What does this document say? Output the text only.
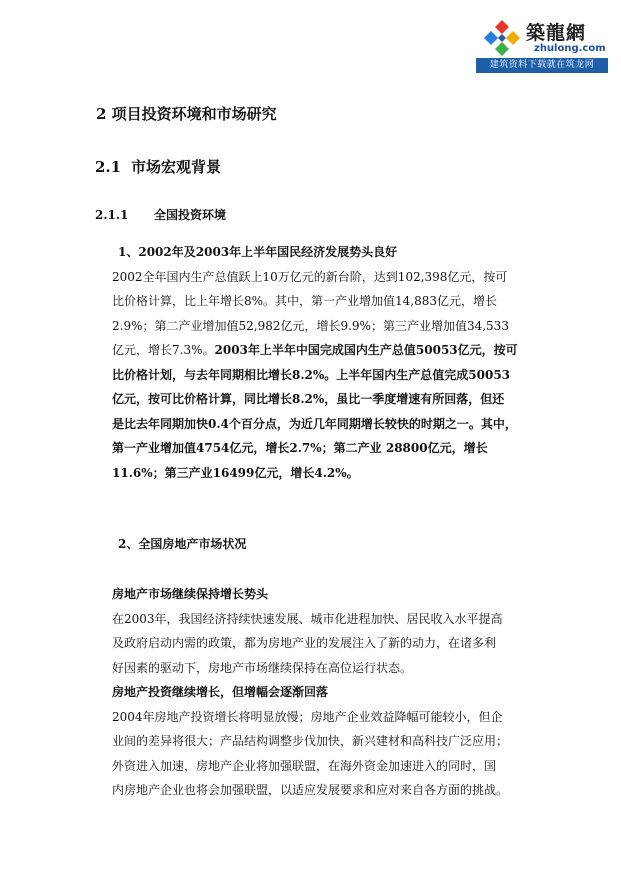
築龍網
zhulong.com
建筑资料下载就在筑龙网
2 项目投资环境和市场研究
2.1 市场宏观背景
2.1.1 全国投资环境
1、2002年及2003年上半年国民经济发展势头良好
2002全年国内生产总值跃上10万亿元的新台阶，达到102,398亿元，按可
比价格计算，比上年增长8%。其中，第一产业增加值14,883亿元，增长
2.9%；第二产业增加值52,982亿元，增长9.9%；第三产业增加值34,533
亿元，增长7.3%。2003年上半年中国完成国内生产总值50053亿元，按可
比价格计划，与去年同期相比增长8.2%。上半年国内生产总值完成50053
亿元，按可比价格计算，同比增长8.2%，虽比一季度增速有所回落，但还
是比去年同期加快0.4个百分点，为近几年同期增长较快的时期之一。其中，
第一产业增加值4754亿元，增长2.7%；第二产业 28800亿元，增长
11.6%；第三产业16499亿元，增长4.2%。
2、全国房地产市场状况
房地产市场继续保持增长势头
在2003年，我国经济持续快速发展、城市化进程加快、居民收入水平提高
及政府启动内需的政策，都为房地产业的发展注入了新的动力，在诸多利
好因素的驱动下，房地产市场继续保持在高位运行状态。
房地产投资继续增长，但增幅会逐渐回落
2004年房地产投资增长将明显放慢；房地产企业效益降幅可能较小，但企
业间的差异将很大；产品结构调整步伐加快，新兴建材和高科技广泛应用；
外资进入加速，房地产企业将加强联盟，在海外资金加速进入的同时，国
内房地产企业也将会加强联盟，以适应发展要求和应对来自各方面的挑战。
